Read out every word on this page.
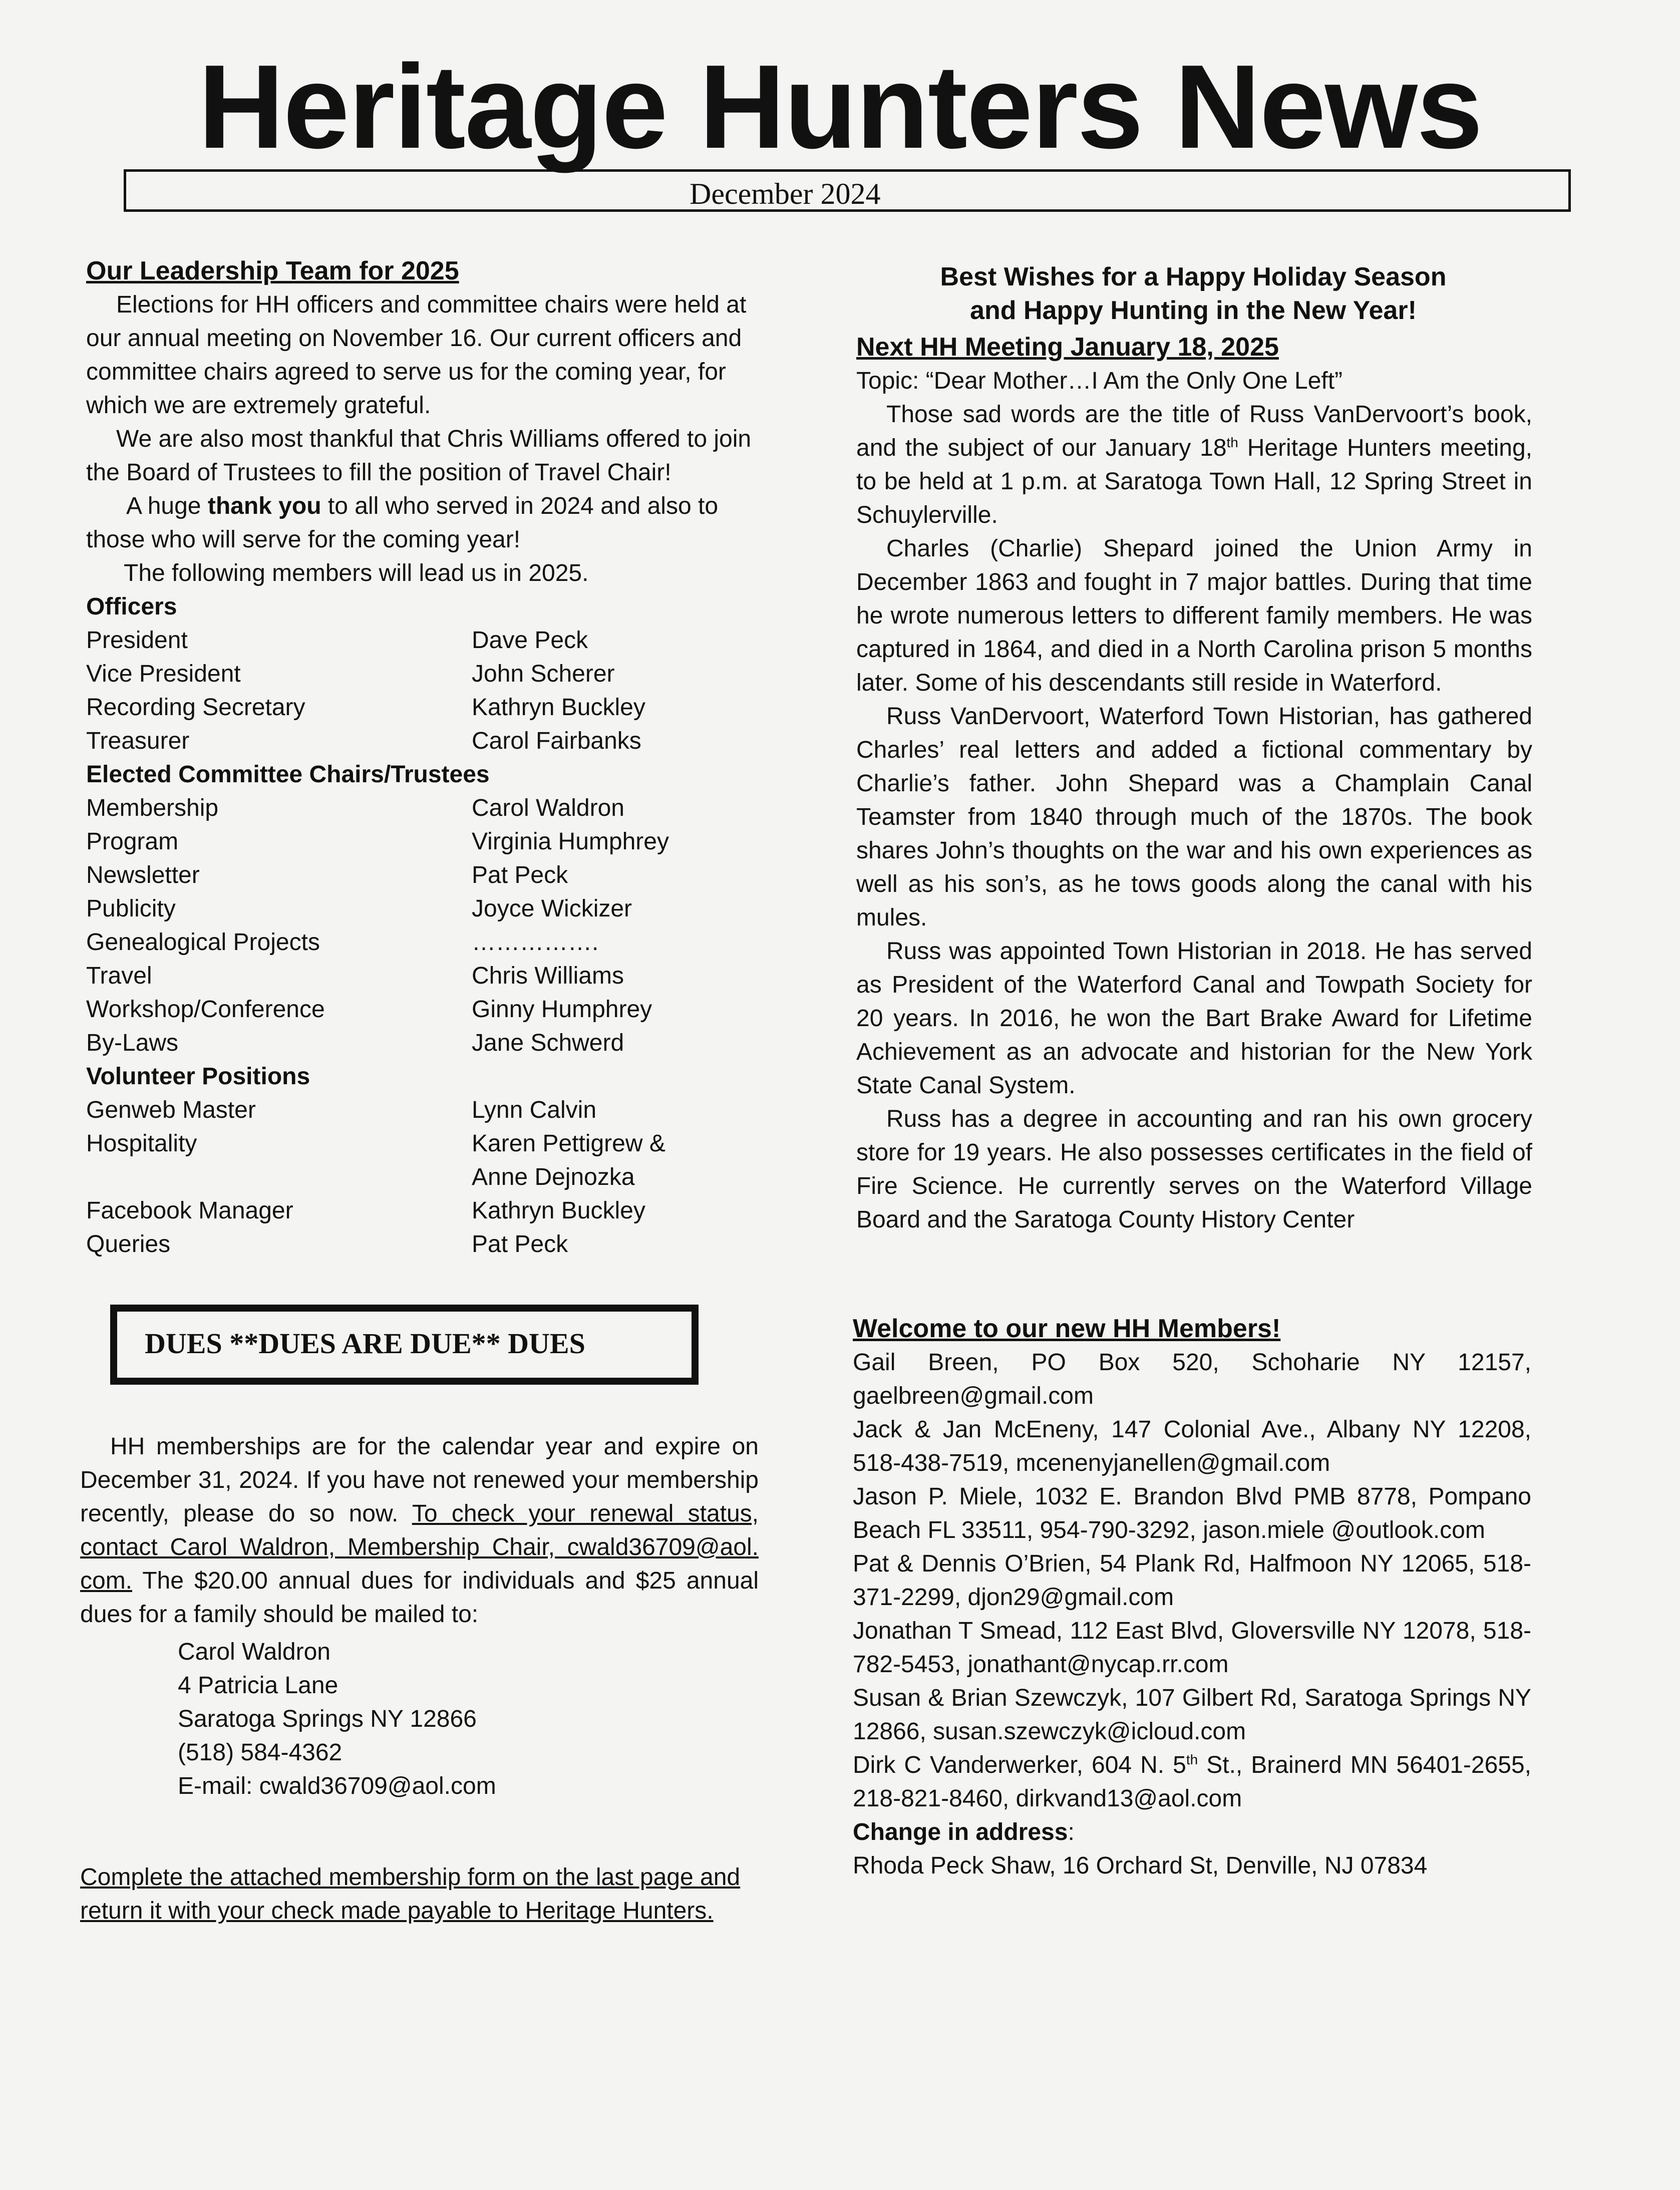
Heritage Hunters News
December 2024
Our Leadership Team for 2025

Elections for HH officers and committee chairs were held at our annual meeting on November 16. Our current officers and committee chairs agreed to serve us for the coming year, for which we are extremely grateful.

We are also most thankful that Chris Williams offered to join the Board of Trustees to fill the position of Travel Chair!

A huge thank you to all who served in 2024 and also to those who will serve for the coming year!

The following members will lead us in 2025.

Officers
President	Dave Peck
Vice President	John Scherer
Recording Secretary	Kathryn Buckley
Treasurer	Carol Fairbanks
Elected Committee Chairs/Trustees
Membership	Carol Waldron
Program	Virginia Humphrey
Newsletter	Pat Peck
Publicity	Joyce Wickizer
Genealogical Projects	…………….
Travel	Chris Williams
Workshop/Conference	Ginny Humphrey
By-Laws	Jane Schwerd
Volunteer Positions
Genweb Master	Lynn Calvin
Hospitality	Karen Pettigrew &
Anne Dejnozka
Facebook Manager	Kathryn Buckley
Queries	Pat Peck
DUES **DUES ARE DUE** DUES

HH memberships are for the calendar year and expire on December 31, 2024. If you have not renewed your membership recently, please do so now. To check your renewal status, contact Carol Waldron, Membership Chair, cwald36709@aol. com. The $20.00 annual dues for individuals and $25 annual dues for a family should be mailed to:

Carol Waldron
4 Patricia Lane
Saratoga Springs NY 12866
(518) 584-4362
E-mail: cwald36709@aol.com

Complete the attached membership form on the last page and return it with your check made payable to Heritage Hunters.

Best Wishes for a Happy Holiday Season
and Happy Hunting in the New Year!
Next HH Meeting January 18, 2025

Topic: “Dear Mother…I Am the Only One Left”

Those sad words are the title of Russ VanDervoort’s book, and the subject of our January 18th Heritage Hunters meeting, to be held at 1 p.m. at Saratoga Town Hall, 12 Spring Street in Schuylerville.

Charles (Charlie) Shepard joined the Union Army in December 1863 and fought in 7 major battles. During that time he wrote numerous letters to different family members. He was captured in 1864, and died in a North Carolina prison 5 months later. Some of his descendants still reside in Waterford.

Russ VanDervoort, Waterford Town Historian, has gathered Charles’ real letters and added a fictional commentary by Charlie’s father. John Shepard was a Champlain Canal Teamster from 1840 through much of the 1870s. The book shares John’s thoughts on the war and his own experiences as well as his son’s, as he tows goods along the canal with his mules.

Russ was appointed Town Historian in 2018. He has served as President of the Waterford Canal and Towpath Society for 20 years. In 2016, he won the Bart Brake Award for Lifetime Achievement as an advocate and historian for the New York State Canal System.

Russ has a degree in accounting and ran his own grocery store for 19 years. He also possesses certificates in the field of Fire Science. He currently serves on the Waterford Village Board and the Saratoga County History Center

Welcome to our new HH Members!

Gail Breen, PO Box 520, Schoharie NY 12157, gaelbreen@gmail.com

Jack & Jan McEneny, 147 Colonial Ave., Albany NY 12208, 518-438-7519, mcenenyjanellen@gmail.com

Jason P. Miele, 1032 E. Brandon Blvd PMB 8778, Pompano Beach FL 33511, 954-790-3292, jason.miele @outlook.com

Pat & Dennis O’Brien, 54 Plank Rd, Halfmoon NY 12065, 518-371-2299, djon29@gmail.com

Jonathan T Smead, 112 East Blvd, Gloversville NY 12078, 518-782-5453, jonathant@nycap.rr.com

Susan & Brian Szewczyk, 107 Gilbert Rd, Saratoga Springs NY 12866, susan.szewczyk@icloud.com

Dirk C Vanderwerker, 604 N. 5th St., Brainerd MN 56401-2655, 218-821-8460, dirkvand13@aol.com

Change in address:

Rhoda Peck Shaw, 16 Orchard St, Denville, NJ 07834
